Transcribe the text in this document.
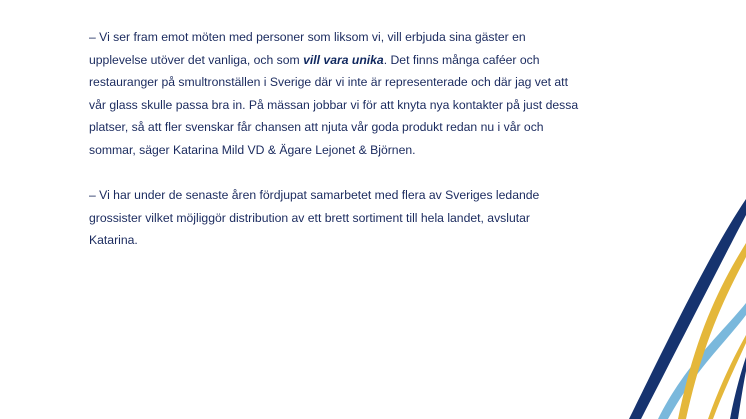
– Vi ser fram emot möten med personer som liksom vi, vill erbjuda sina gäster en
upplevelse utöver det vanliga, och som vill vara unika. Det finns många caféer och
restauranger på smultronställen i Sverige där vi inte är representerade och där jag vet att
vår glass skulle passa bra in. På mässan jobbar vi för att knyta nya kontakter på just dessa
platser, så att fler svenskar får chansen att njuta vår goda produkt redan nu i vår och
sommar, säger Katarina Mild VD & Ägare Lejonet & Björnen.

– Vi har under de senaste åren fördjupat samarbetet med flera av Sveriges ledande
grossister vilket möjliggör distribution av ett brett sortiment till hela landet, avslutar
Katarina.
